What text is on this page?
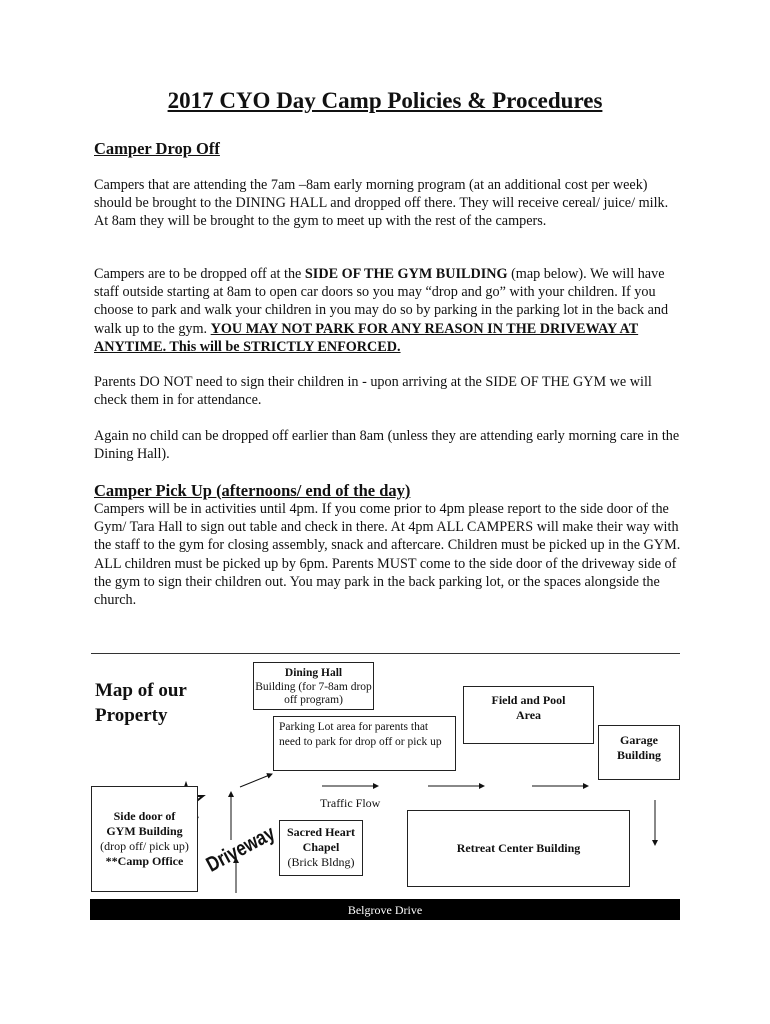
2017 CYO Day Camp Policies & Procedures
Camper Drop Off

Campers that are attending the 7am –8am early morning program (at an additional cost per week) should be brought to the DINING HALL and dropped off there. They will receive cereal/ juice/ milk. At 8am they will be brought to the gym to meet up with the rest of the campers.

Campers are to be dropped off at the SIDE OF THE GYM BUILDING (map below). We will have staff outside starting at 8am to open car doors so you may “drop and go” with your children. If you choose to park and walk your children in you may do so by parking in the parking lot in the back and walk up to the gym. YOU MAY NOT PARK FOR ANY REASON IN THE DRIVEWAY AT ANYTIME. This will be STRICTLY ENFORCED.

Parents DO NOT need to sign their children in - upon arriving at the SIDE OF THE GYM we will check them in for attendance.

Again no child can be dropped off earlier than 8am (unless they are attending early morning care in the Dining Hall).

Camper Pick Up (afternoons/ end of the day)

Campers will be in activities until 4pm. If you come prior to 4pm please report to the side door of the Gym/ Tara Hall to sign out table and check in there. At 4pm ALL CAMPERS will make their way with the staff to the gym for closing assembly, snack and aftercare. Children must be picked up in the GYM. ALL children must be picked up by 6pm. Parents MUST come to the side door of the driveway side of the gym to sign their children out. You may park in the back parking lot, or the spaces alongside the church.

Map of our
Property
Dining Hall
Building (for 7-8am drop off program)
Parking Lot area for parents that need to park for drop off or pick up
Field and Pool Area
Garage Building
Side door of GYM Building
(drop off/ pick up)
**Camp Office Driveway
Traffic Flow
Sacred Heart Chapel
(Brick Bldng)
Retreat Center Building
Belgrove Drive
